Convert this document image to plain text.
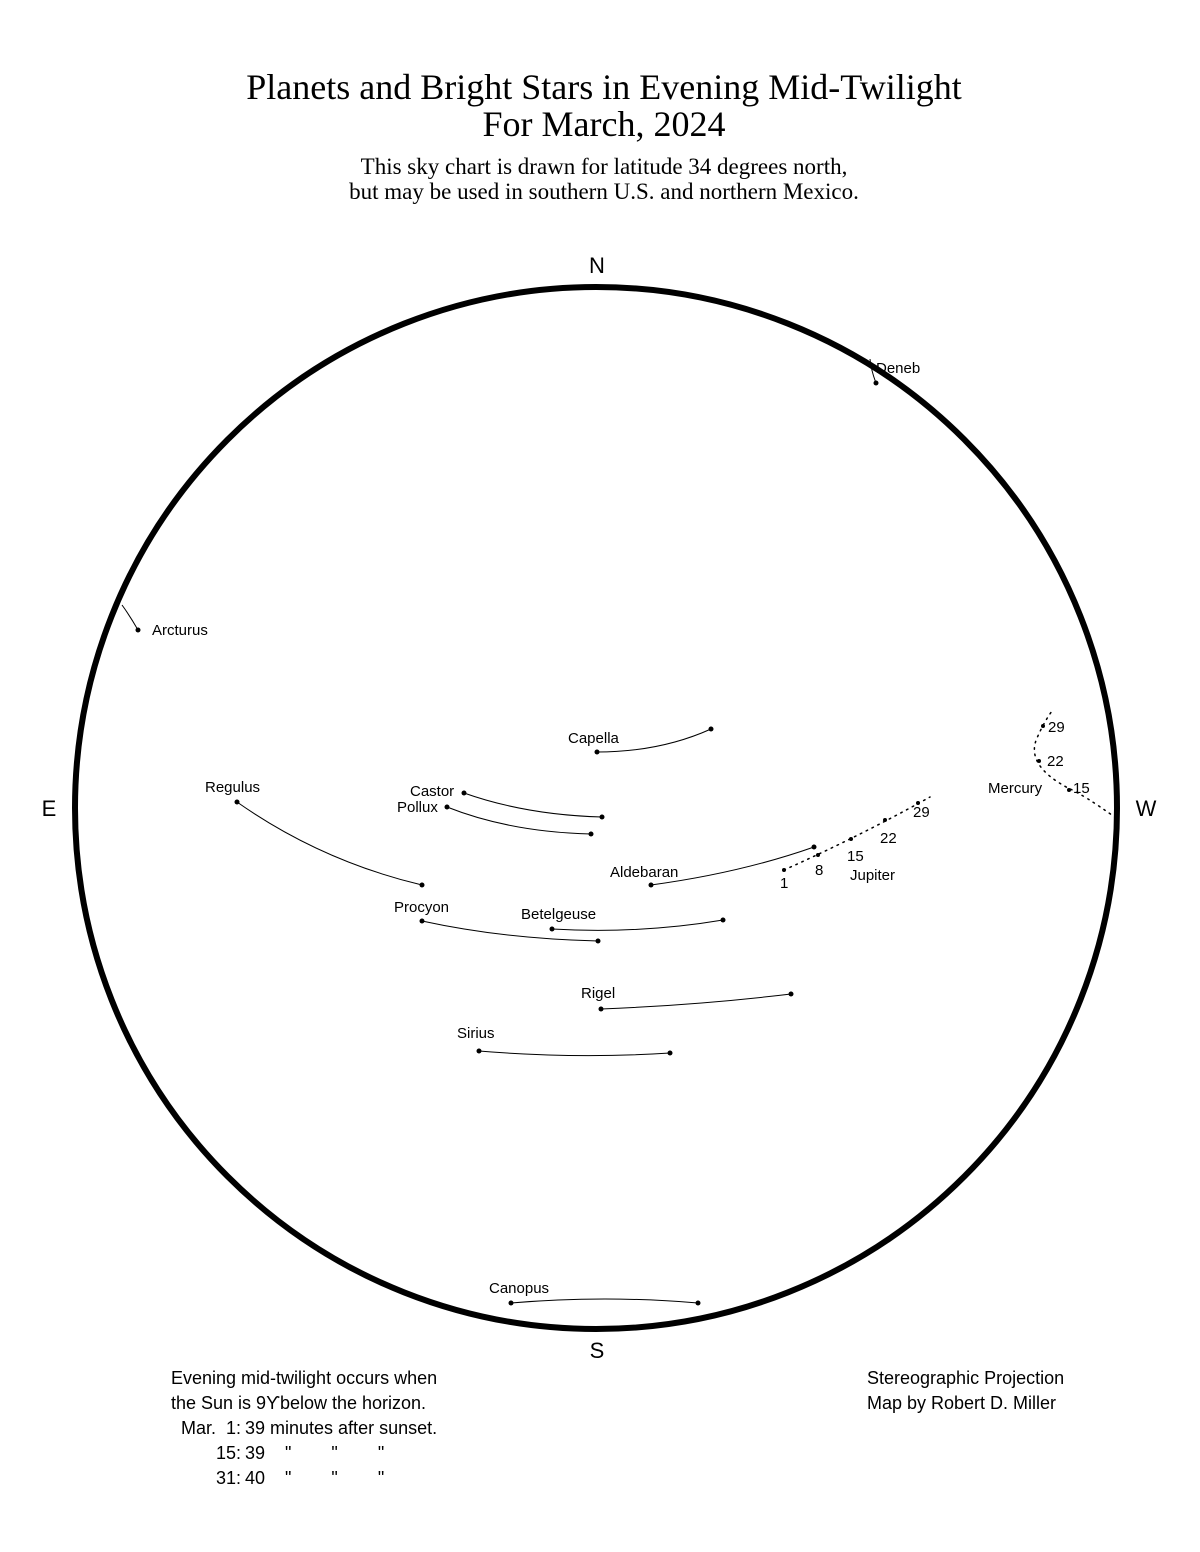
Planets and Bright Stars in Evening Mid-Twilight
For March, 2024
This sky chart is drawn for latitude 34 degrees north,
but may be used in southern U.S. and northern Mexico.
N
S
E	W
Deneb
Arcturus
Capella
Regulus	Castor
Pollux
Aldebaran
Procyon	Betelgeuse
Rigel
Sirius
Canopus
1
8
15
22
29
Jupiter
15
22
29
Mercury
Evening mid-twilight occurs when
the Sun is 9ϒbelow the horizon.
Mar.  1: 39 minutes after sunset.
15: 39    "        "        "
31: 40    "        "        "
Stereographic Projection
Map by Robert D. Miller
